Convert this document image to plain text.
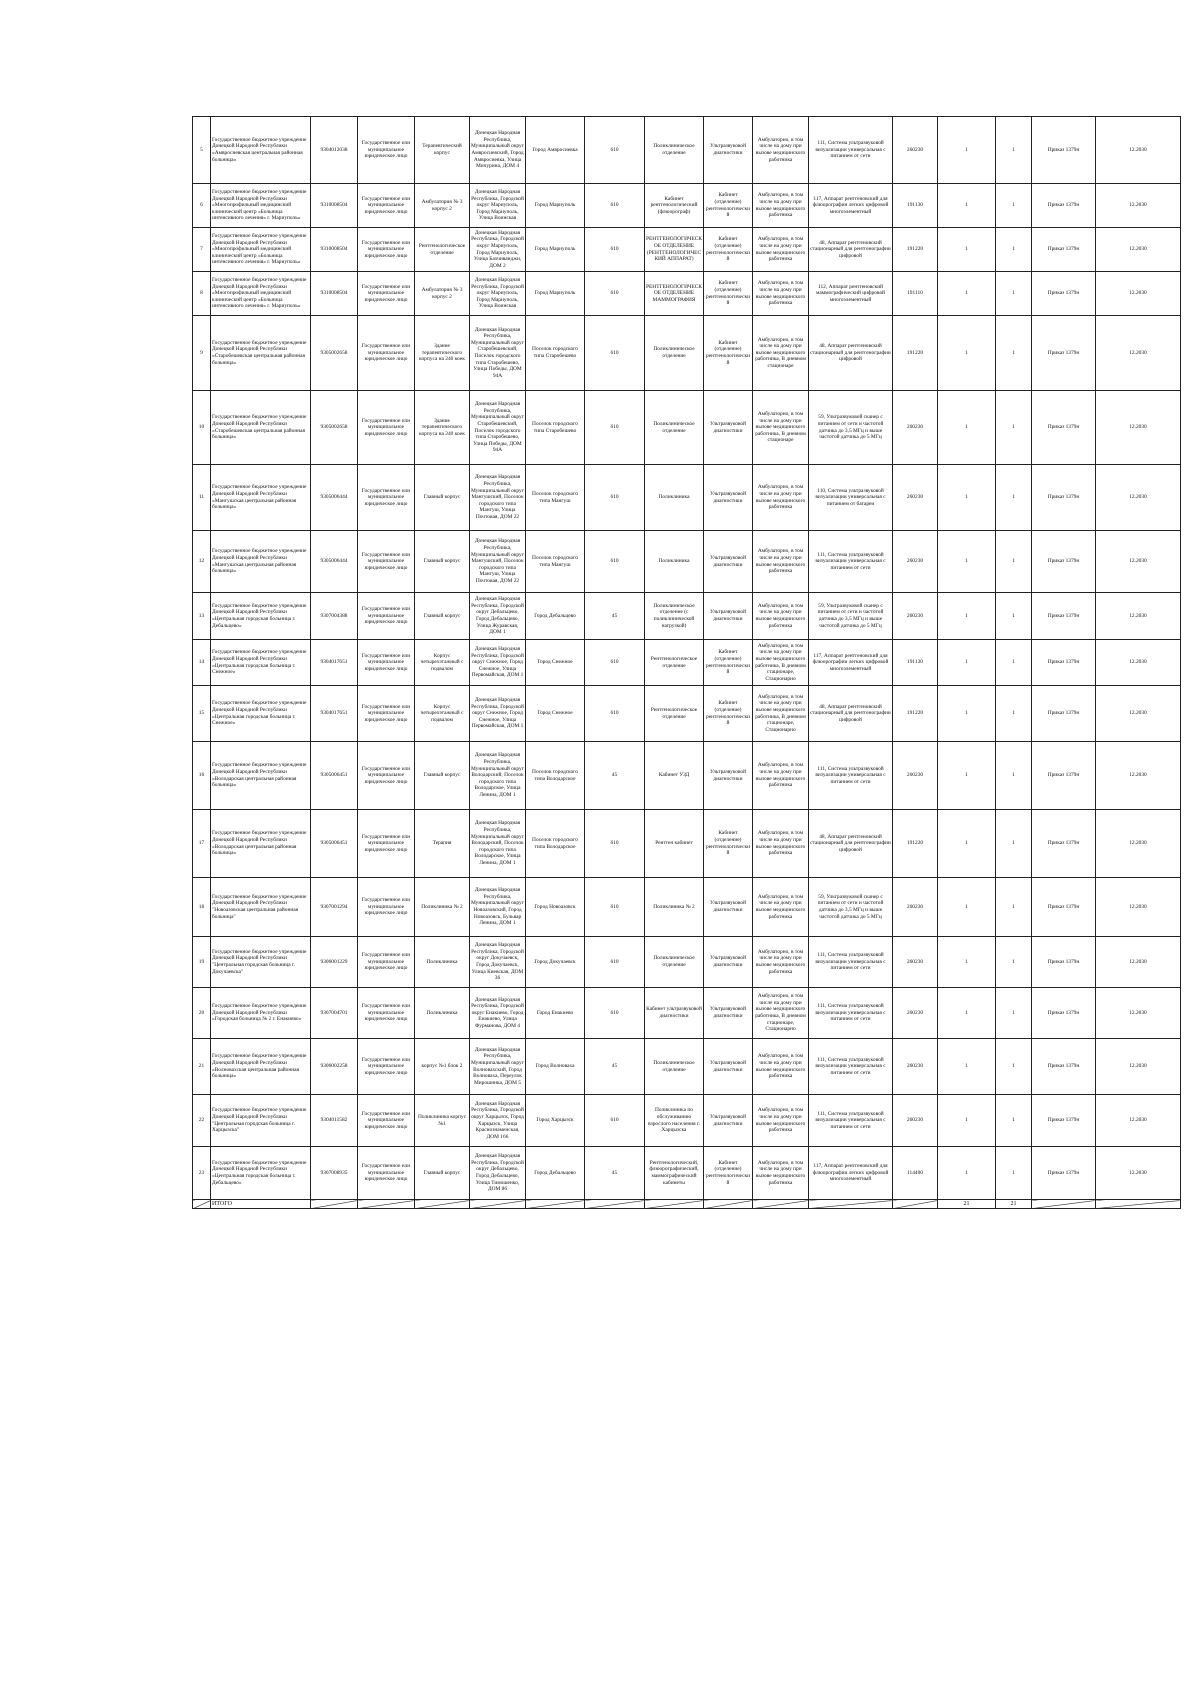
5	Государственное бюджетное учреждение Донецкой Народной Республики «Амвросиевская центральная районная больница»	9304012038	Государственное или муниципальное юридическое лицо	Терапевтический корпус	Донецкая Народная Республика, Муниципальный округ Амвросиевский, Город Амвросиевка, Улица Мичурина, ДОМ 4	Город Амвросиевка	610	Поликлиническое отделение	Ультразвуковой диагностики	Амбулаторно, в том числе на дому при вызове медицинского работника	111, Система ультразвуковой визуализации универсальная с питанием от сети	260230	1	1	Приказ 1379н	12.2030
6	Государственное бюджетное учреждение Донецкой Народной Республики «Многопрофильный медицинский клинический центр «Больница интенсивного лечения» г. Мариуполь»	9310008504	Государственное или муниципальное юридическое лицо	Амбулатория № 3 корпус 2	Донецкая Народная Республика, Городской округ Мариуполь, Город Мариуполь, Улица Воинская	Город Мариуполь	610	Кабинет рентгенологический (флюорограф)	Кабинет (отделение) рентгенологический	Амбулаторно, в том числе на дому при вызове медицинского работника	117, Аппарат рентгеновский для флюорографии легких цифровой многоэлементный	191130	1	1	Приказ 1379н	12.2030
7	Государственное бюджетное учреждение Донецкой Народной Республики «Многопрофильный медицинский клинический центр «Больница интенсивного лечения» г. Мариуполь»	9310008504	Государственное или муниципальное юридическое лицо	Рентгенологическое отделение	Донецкая Народная Республика, Городской округ Мариуполь, Город Мариуполь, Улица Бахчиванджи, ДОМ 2	Город Мариуполь	610	РЕНТГЕНОЛОГИЧЕСКОЕ ОТДЕЛЕНИЕ (РЕНТГЕНОЛОГИЧЕСКИЙ АППАРАТ)	Кабинет (отделение) рентгенологический	Амбулаторно, в том числе на дому при вызове медицинского работника	48, Аппарат рентгеновский стационарный для рентгенографии цифровой	191220	1	1	Приказ 1379н	12.2030
8	Государственное бюджетное учреждение Донецкой Народной Республики «Многопрофильный медицинский клинический центр «Больница интенсивного лечения» г. Мариуполь»	9310008504	Государственное или муниципальное юридическое лицо	Амбулатория № 3 корпус 2	Донецкая Народная Республика, Городской округ Мариуполь, Город Мариуполь, Улица Воинская	Город Мариуполь	610	РЕНТГЕНОЛОГИЧЕСКОЕ ОТДЕЛЕНИЕ МАММОГРАФИЯ	Кабинет (отделение) рентгенологический	Амбулаторно, в том числе на дому при вызове медицинского работника	112, Аппарат рентгеновский маммографический цифровой многоэлементный	191110	1	1	Приказ 1379н	12.2030
9	Государственное бюджетное учреждение Донецкой Народной Республики «Старобешевская центральная районная больница»	9305002658	Государственное или муниципальное юридическое лицо	Здание терапевтического корпуса на 240 коек	Донецкая Народная Республика, Муниципальный округ Старобешевский, Поселок городского типа Старобешево, Улица Победы, ДОМ 94А	Поселок городского типа Старобешево	610	Поликлиническое отделение	Кабинет (отделение) рентгенологический	Амбулаторно, в том числе на дому при вызове медицинского работника, В дневном стационаре	48, Аппарат рентгеновский стационарный для рентгенографии цифровой	191220	1	1	Приказ 1379н	12.2030
10	Государственное бюджетное учреждение Донецкой Народной Республики «Старобешевская центральная районная больница»	9305002658	Государственное или муниципальное юридическое лицо	Здание терапевтического корпуса на 240 коек	Донецкая Народная Республика, Муниципальный округ Старобешевский, Поселок городского типа Старобешево, Улица Победы, ДОМ 94А	Поселок городского типа Старобешево	610	Поликлиническое отделение	Ультразвуковой диагностики	Амбулаторно, в том числе на дому при вызове медицинского работника, В дневном стационаре	59, Ультразвуковой сканер с питанием от сети и частотой датчика до 3,5 МГц и выше частотой датчика до 5 МГц	260230	1	1	Приказ 1379н	12.2030
11	Государственное бюджетное учреждение Донецкой Народной Республики «Мангушская центральная районная больница»	9305006444	Государственное или муниципальное юридическое лицо	Главный корпус	Донецкая Народная Республика, Муниципальный округ Мангушский, Поселок городского типа Мангуш, Улица Почтовая, ДОМ 22	Поселок городского типа Мангуш	610	Поликлиника	Ультразвуковой диагностики	Амбулаторно, в том числе на дому при вызове медицинского работника	110, Система ультразвуковой визуализации универсальная с питанием от батареи	260230	1	1	Приказ 1379н	12.2030
12	Государственное бюджетное учреждение Донецкой Народной Республики «Мангушская центральная районная больница»	9305006444	Государственное или муниципальное юридическое лицо	Главный корпус	Донецкая Народная Республика, Муниципальный округ Мангушский, Поселок городского типа Мангуш, Улица Почтовая, ДОМ 22	Поселок городского типа Мангуш	610	Поликлиника	Ультразвуковой диагностики	Амбулаторно, в том числе на дому при вызове медицинского работника	111, Система ультразвуковой визуализации универсальная с питанием от сети	260230	1	1	Приказ 1379н	12.2030
13	Государственное бюджетное учреждение Донецкой Народной Республики «Центральная городская больница г. Дебальцево»	9307004388	Государственное или муниципальное юридическое лицо	Главный корпус	Донецкая Народная Республика, Городской округ Дебальцево, Город Дебальцево, Улица Журавская, ДОМ 1	Город Дебальцево	45	Поликлиническое отделение (с поликлинической нагрузкой)	Ультразвуковой диагностики	Амбулаторно, в том числе на дому при вызове медицинского работника	59, Ультразвуковой сканер с питанием от сети и частотой датчика до 3,5 МГц и выше частотой датчика до 5 МГц	260230	1	1	Приказ 1379н	12.2030
14	Государственное бюджетное учреждение Донецкой Народной Республики «Центральная городская больница г. Снежное»	9304017651	Государственное или муниципальное юридическое лицо	Корпус четырехэтажный с подвалом	Донецкая Народная Республика, Городской округ Снежное, Город Снежное, Улица Первомайская, ДОМ 1	Город Снежное	610	Рентгенологическое отделение	Кабинет (отделение) рентгенологический	Амбулаторно, в том числе на дому при вызове медицинского работника, В дневном стационаре, Стационарно	117, Аппарат рентгеновский для флюорографии легких цифровой многоэлементный	191130	1	1	Приказ 1379н	12.2030
15	Государственное бюджетное учреждение Донецкой Народной Республики «Центральная городская больница г. Снежное»	9304017651	Государственное или муниципальное юридическое лицо	Корпус четырехэтажный с подвалом	Донецкая Народная Республика, Городской округ Снежное, Город Снежное, Улица Первомайская, ДОМ 1	Город Снежное	610	Рентгенологическое отделение	Кабинет (отделение) рентгенологический	Амбулаторно, в том числе на дому при вызове медицинского работника, В дневном стационаре, Стационарно	48, Аппарат рентгеновский стационарный для рентгенографии цифровой	191220	1	1	Приказ 1379н	12.2030
16	Государственное бюджетное учреждение Донецкой Народной Республики «Володарская центральная районная больница»	9305006451	Государственное или муниципальное юридическое лицо	Главный корпус	Донецкая Народная Республика, Муниципальный округ Володарский, Поселок городского типа Володарское, Улица Ленина, ДОМ 1	Поселок городского типа Володарское	45	Кабинет УЗД	Ультразвуковой диагностики	Амбулаторно, в том числе на дому при вызове медицинского работника	111, Система ультразвуковой визуализации универсальная с питанием от сети	260230	1	1	Приказ 1379н	12.2030
17	Государственное бюджетное учреждение Донецкой Народной Республики «Володарская центральная районная больница»	9305006451	Государственное или муниципальное юридическое лицо	Терапия	Донецкая Народная Республика, Муниципальный округ Володарский, Поселок городского типа Володарское, Улица Ленина, ДОМ 1	Поселок городского типа Володарское	610	Рентген кабинет	Кабинет (отделение) рентгенологический	Амбулаторно, в том числе на дому при вызове медицинского работника	48, Аппарат рентгеновский стационарный для рентгенографии цифровой	191220	1	1	Приказ 1379н	12.2030
18	Государственное бюджетное учреждение Донецкой Народной Республики "Новоазовская центральная районная больница"	9307001294	Государственное или муниципальное юридическое лицо	Поликлиника № 2	Донецкая Народная Республика, Муниципальный округ Новоазовский, Город Новоазовск, Бульвар Ленина, ДОМ 1	Город Новоазовск	610	Поликлиника № 2	Ультразвуковой диагностики	Амбулаторно, в том числе на дому при вызове медицинского работника	59, Ультразвуковой сканер с питанием от сети и частотой датчика до 3,5 МГц и выше частотой датчика до 5 МГц	260230	1	1	Приказ 1379н	12.2030
19	Государственное бюджетное учреждение Донецкой Народной Республики "Центральная городская больница г. Докучаевска"	9306001229	Государственное или муниципальное юридическое лицо	Поликлиника	Донецкая Народная Республика, Городской округ Докучаевск, Город Докучаевск, Улица Киевская, ДОМ 36	Город Докучаевск	610	Поликлиническое отделение	Ультразвуковой диагностики	Амбулаторно, в том числе на дому при вызове медицинского работника	111, Система ультразвуковой визуализации универсальная с питанием от сети	260230	1	1	Приказ 1379н	12.2030
20	Государственное бюджетное учреждение Донецкой Народной Республики «Городская больница № 2 г. Енакиево»	9307004701	Государственное или муниципальное юридическое лицо	Поликлиника	Донецкая Народная Республика, Городской округ Енакиево, Город Енакиево, Улица Фурманова, ДОМ 4	Город Енакиево	610	Кабинет ультразвуковой диагностики	Ультразвуковой диагностики	Амбулаторно, в том числе на дому при вызове медицинского работника, В дневном стационаре, Стационарно	111, Система ультразвуковой визуализации универсальная с питанием от сети	260230	1	1	Приказ 1379н	12.2030
21	Государственное бюджетное учреждение Донецкой Народной Республики «Волновахская центральная районная больница»	9306002258	Государственное или муниципальное юридическое лицо	корпус №1 блок 2	Донецкая Народная Республика, Муниципальный округ Волновахский, Город Волноваха, Переулок Мирошника, ДОМ 5	Город Волноваха	45	Поликлиническое отделение	Ультразвуковой диагностики	Амбулаторно, в том числе на дому при вызове медицинского работника	111, Система ультразвуковой визуализации универсальная с питанием от сети	260230	1	1	Приказ 1379н	12.2030
22	Государственное бюджетное учреждение Донецкой Народной Республики "Центральная городская больница г. Харцызска"	9304011582	Государственное или муниципальное юридическое лицо	Поликлиника корпус №1	Донецкая Народная Республика, Городской округ Харцызск, Город Харцызск, Улица Краснознаменская, ДОМ 166	Город Харцызск	610	Поликлиника по обслуживанию взрослого населения г. Харцызска	Ультразвуковой диагностики	Амбулаторно, в том числе на дому при вызове медицинского работника	111, Система ультразвуковой визуализации универсальная с питанием от сети	260230	1	1	Приказ 1379н	12.2030
23	Государственное бюджетное учреждение Донецкой Народной Республики «Центральная городская больница г. Дебальцево»	9307008935	Государственное или муниципальное юридическое лицо	Главный корпус	Донецкая Народная Республика, Городской округ Дебальцево, Город Дебальцево, Улица Тимошенко, ДОМ 86	Город Дебальцево	45	Рентгенологический, флюорографический, маммографический кабинеты	Кабинет (отделение) рентгенологический	Амбулаторно, в том числе на дому при вызове медицинского работника	117, Аппарат рентгеновский для флюорографии легких цифровой многоэлементный	114400	1	1	Приказ 1379н	12.2030
	ИТОГО												21	21		
